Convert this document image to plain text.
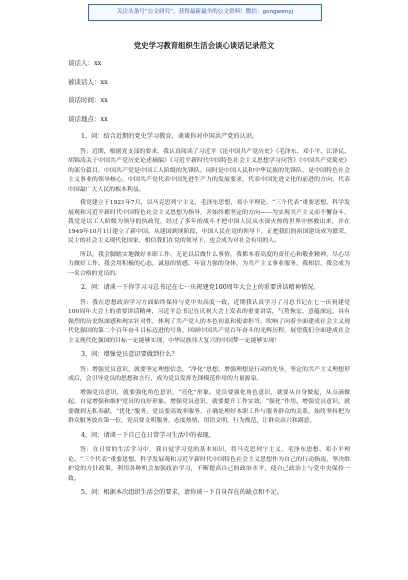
关注头条号“公文研究”，获得最新最全的公文资料！微信：gongwenyj
党史学习教育组织生活会谈心谈话记录范文
谈话人：xx
被谈话人：xx
谈话时间：xx
谈话地点：xx
1、问：结合近期的党史学习教育，谈谈你对中国共产党的认识。
答：近期，根据党支部的要求，我认真阅读了习近平《论中国共产党历史》《毛泽东、邓小平、江泽民、胡锦涛关于中国共产党历史论述摘编》《习近平新时代中国特色社会主义思想学习问答》《中国共产党简史》的部分篇目。中国共产党是中国工人阶级的先锋队，同时是中国人民和中华民族的先锋队，是中国特色社会主义事业的领导核心，中国共产党代表中国先进生产力的发展要求，代表中国先进文化的前进的方向，代表中国最广大人民的根本利益。
我党建立于1921年7月，以马克思列宁主义，毛泽东思想，邓小平理论、“三个代表”重要思想、科学发展观和习近平新时代中国特色社会主义思想为指导，并始终都坚定的方向——为实现共产主义而不懈奋斗，我党是以工人阶级为领导的执政党，经过了多年的战斗才把中国人民从水深火热的世界中拯救出来，并在1949年10月1日建立了新中国。从建国到现阶段，中国人民在党的领导下，正把我们的祖国建设成为繁荣、民主的社会主义现代化国家，相信我们在党的领导下，也会成为对社会有用的人。
所以，我会脚踏实地做好本职工作。无论以后做什么事情，我都本着高度的责任心和敬业精神，尽心尽力做好工作，我会用积极的心态，诚恳的情感，年富力强的身体，为共产主义事业服务，我相信，我会成为一名合格的党员的。
2、问：请谈一下你学习习总书记在七一庆祝建党100周年大会上的重要讲话精神情况。
答：我在思想政治学习方面始终保持与党中央高度一致，近期我认真学习了习总书记在七一庆祝建党100周年大会上的重要讲话精神，习近平总书记在庆祝大会上发表的重要讲话，气势恢宏、意蕴深远，具有强烈的历史纵深感和现实针对性，体现了共产党人的本色初衷和使命担当，吹响了向着全面建成社会主义现代化强国的第二个百年奋斗目标迈进的号角，回顾中国共产党百年奋斗的光辉历程，展望我们全面建成社会主义现代化强国的目标一定能够实现，中华民族伟大复兴的中国梦一定能够实现！
3、问：增强党员意识要做到什么？
答：增强党员意识，就要坚定理想信念，“净化”思想，增强理想是行动的先导，坚定的共产主义理想形成后，会引导党员的思想和言行，成为党员发挥先锋模范作用的力量源泉。
增强党员意识，就要强化角色意识，“亮化”形象。党员要强化角色意识，就要从自身做起，从点滴做起，自觉增强和维护党员的良好形象。增强党员意识，就要提升工作实效，“强化”作用。增强党员意识，就要做到无私奉献，“优化”服务，党员要高效率服务，正确处理好本职工作与服务群众的关系，始终坚持把为群众服务放在第一位，党员要文明服务，态度热情，用语文明，行为规范，让群众高兴和满意。
4、问：请谈一下自己在日常学习生活中的表现。
答：在日常的生活学习中，我自觉学习党的基本知识，将马克思列宁主义、毛泽东思想、邓小平理论、“三个代表”重要思想、科学发展观和习近平新时代中国特色社会主义思想作为自己的行动指南，坚决维护党的方针政策，利用各种机会加强政治学习，不断提高自己的政治水平，使自己政治上与党中央保持一致。
5、问：根据本次组织生活会的要求，请你谈一下自身存在的缺点和不足。
